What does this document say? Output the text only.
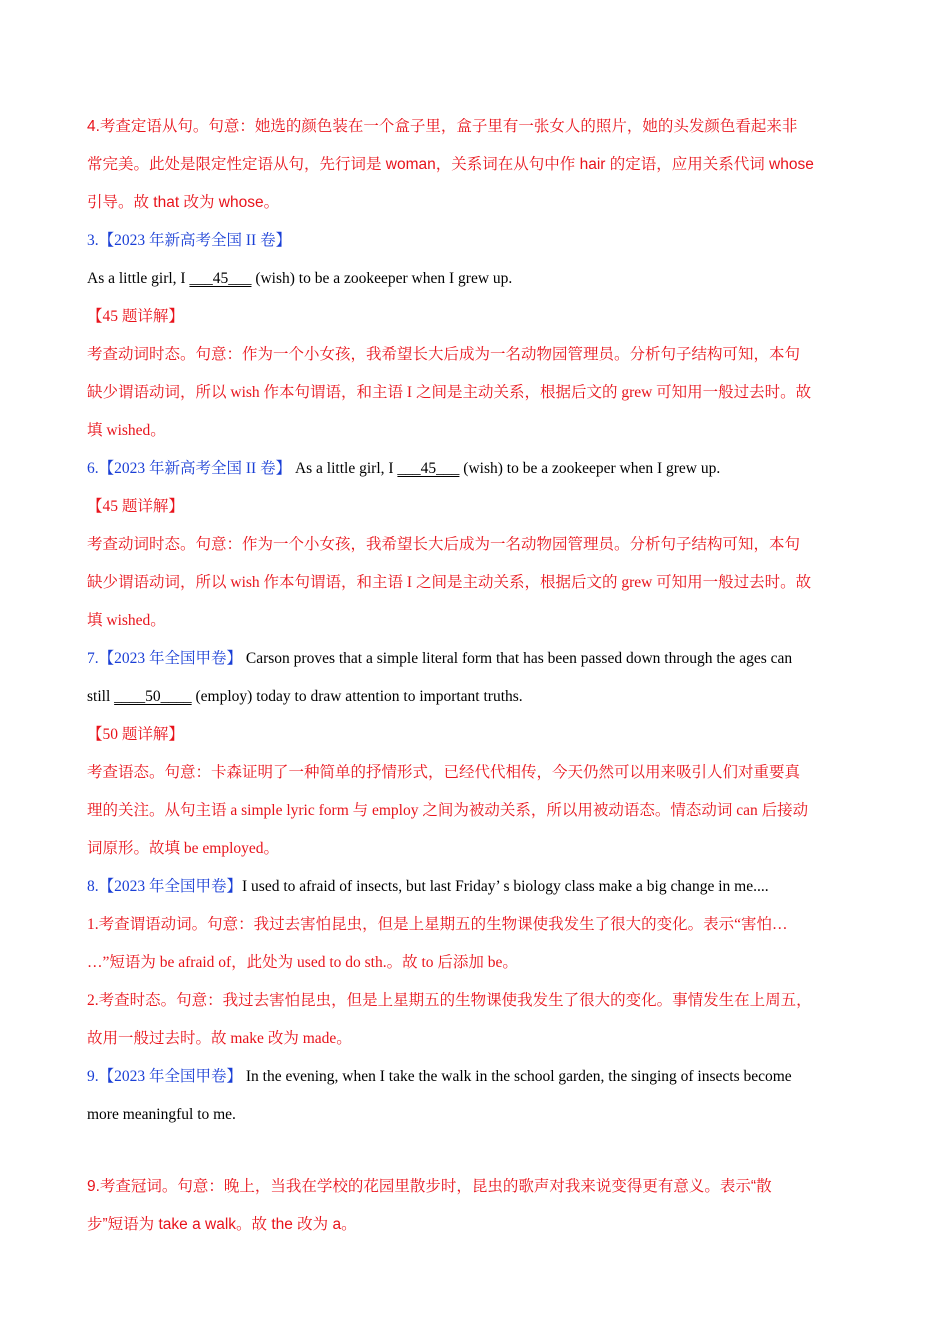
4.考查定语从句。句意：她选的颜色装在一个盒子里，盒子里有一张女人的照片，她的头发颜色看起来非

常完美。此处是限定性定语从句，先行词是 woman，关系词在从句中作 hair 的定语，应用关系代词 whose

引导。故 that 改为 whose。

3.【2023 年新高考全国 II 卷】

As a little girl, I ___45___ (wish) to be a zookeeper when I grew up.

【45 题详解】

考查动词时态。句意：作为一个小女孩，我希望长大后成为一名动物园管理员。分析句子结构可知，本句

缺少谓语动词，所以 wish 作本句谓语，和主语 I 之间是主动关系，根据后文的 grew 可知用一般过去时。故

填 wished。

6.【2023 年新高考全国 II 卷】 As a little girl, I ___45___ (wish) to be a zookeeper when I grew up.

【45 题详解】

考查动词时态。句意：作为一个小女孩，我希望长大后成为一名动物园管理员。分析句子结构可知，本句

缺少谓语动词，所以 wish 作本句谓语，和主语 I 之间是主动关系，根据后文的 grew 可知用一般过去时。故

填 wished。

7.【2023 年全国甲卷】 Carson proves that a simple literal form that has been passed down through the ages can

still ____50____ (employ) today to draw attention to important truths.

【50 题详解】

考查语态。句意：卡森证明了一种简单的抒情形式，已经代代相传，今天仍然可以用来吸引人们对重要真

理的关注。从句主语 a simple lyric form 与 employ 之间为被动关系，所以用被动语态。情态动词 can 后接动

词原形。故填 be employed。

8.【2023 年全国甲卷】I used to afraid of insects, but last Friday’ s biology class make a big change in me....

1.考查谓语动词。句意：我过去害怕昆虫，但是上星期五的生物课使我发生了很大的变化。表示“害怕…

…”短语为 be afraid of，此处为 used to do sth.。故 to 后添加 be。

2.考查时态。句意：我过去害怕昆虫，但是上星期五的生物课使我发生了很大的变化。事情发生在上周五，

故用一般过去时。故 make 改为 made。

9.【2023 年全国甲卷】 In the evening, when I take the walk in the school garden, the singing of insects become

more meaningful to me.

9.考查冠词。句意：晚上，当我在学校的花园里散步时，昆虫的歌声对我来说变得更有意义。表示“散

步”短语为 take a walk。故 the 改为 a。
